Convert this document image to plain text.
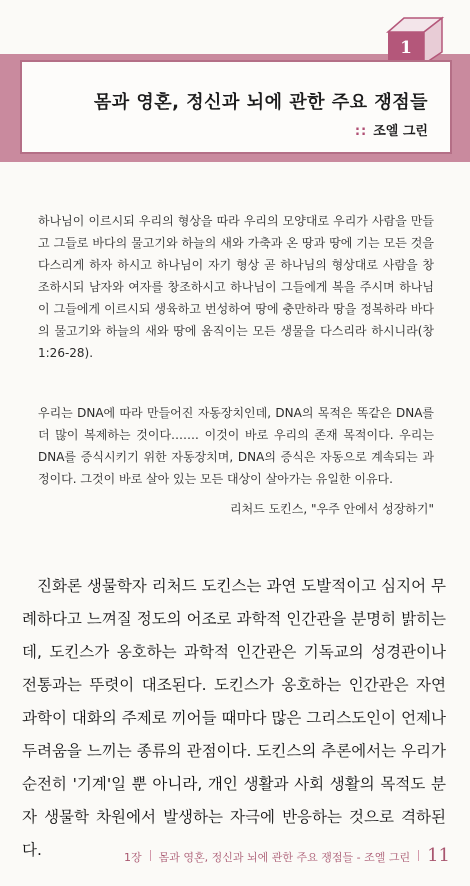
1
몸과 영혼, 정신과 뇌에 관한 주요 쟁점들
:: 조엘 그린
하나님이 이르시되 우리의 형상을 따라 우리의 모양대로 우리가 사람을 만들고 그들로 바다의 물고기와 하늘의 새와 가축과 온 땅과 땅에 기는 모든 것을 다스리게 하자 하시고 하나님이 자기 형상 곧 하나님의 형상대로 사람을 창조하시되 남자와 여자를 창조하시고 하나님이 그들에게 복을 주시며 하나님이 그들에게 이르시되 생육하고 번성하여 땅에 충만하라 땅을 정복하라 바다의 물고기와 하늘의 새와 땅에 움직이는 모든 생물을 다스리라 하시니라(창 1:26-28).
우리는 DNA에 따라 만들어진 자동장치인데, DNA의 목적은 똑같은 DNA를 더 많이 복제하는 것이다……. 이것이 바로 우리의 존재 목적이다. 우리는 DNA를 증식시키기 위한 자동장치며, DNA의 증식은 자동으로 계속되는 과정이다. 그것이 바로 살아 있는 모든 대상이 살아가는 유일한 이유다.
리처드 도킨스, "우주 안에서 성장하기"
진화론 생물학자 리처드 도킨스는 과연 도발적이고 심지어 무례하다고 느껴질 정도의 어조로 과학적 인간관을 분명히 밝히는데, 도킨스가 옹호하는 과학적 인간관은 기독교의 성경관이나 전통과는 뚜렷이 대조된다. 도킨스가 옹호하는 인간관은 자연 과학이 대화의 주제로 끼어들 때마다 많은 그리스도인이 언제나 두려움을 느끼는 종류의 관점이다. 도킨스의 추론에서는 우리가 순전히 '기계'일 뿐 아니라, 개인 생활과 사회 생활의 목적도 분자 생물학 차원에서 발생하는 자극에 반응하는 것으로 격하된다.	1장 몸과 영혼, 정신과 뇌에 관한 주요 쟁점들 - 조엘 그린 11
